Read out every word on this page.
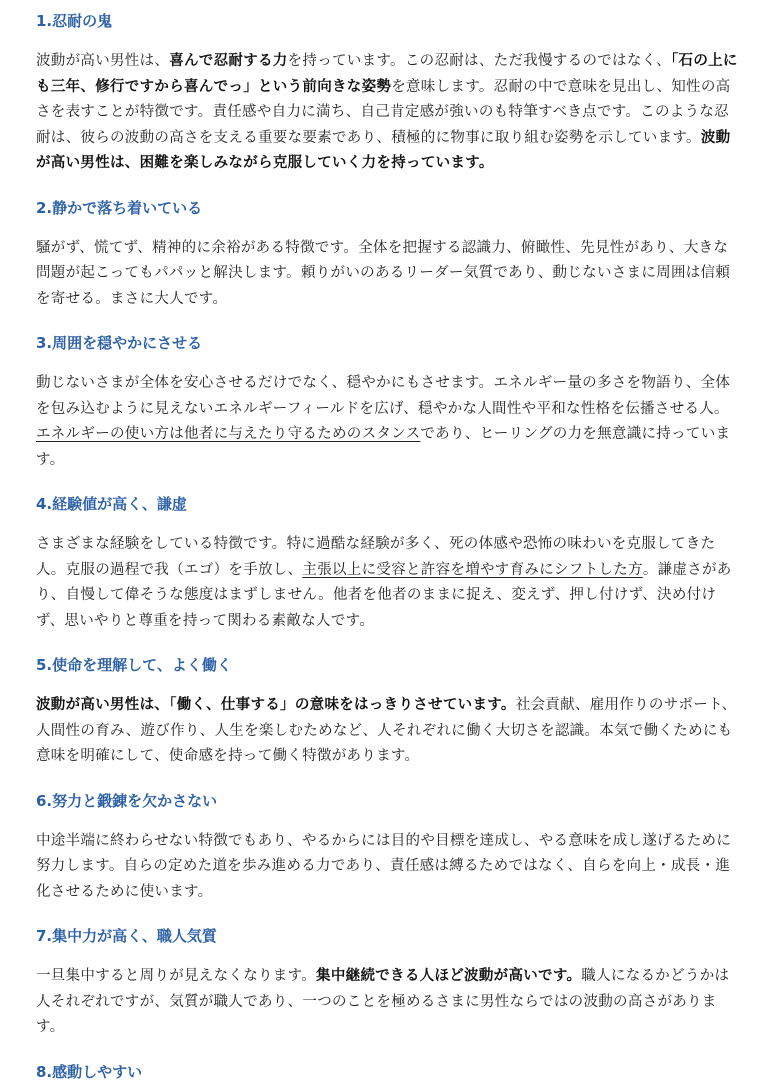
1.忍耐の鬼
波動が高い男性は、喜んで忍耐する力を持っています。この忍耐は、ただ我慢するのではなく、「石の上にも三年、修行ですから喜んでっ」という前向きな姿勢を意味します。忍耐の中で意味を見出し、知性の高さを表すことが特徴です。責任感や自力に満ち、自己肯定感が強いのも特筆すべき点です。このような忍耐は、彼らの波動の高さを支える重要な要素であり、積極的に物事に取り組む姿勢を示しています。波動が高い男性は、困難を楽しみながら克服していく力を持っています。
2.静かで落ち着いている
騒がず、慌てず、精神的に余裕がある特徴です。全体を把握する認識力、俯瞰性、先見性があり、大きな問題が起こってもパパッと解決します。頼りがいのあるリーダー気質であり、動じないさまに周囲は信頼を寄せる。まさに大人です。
3.周囲を穏やかにさせる
動じないさまが全体を安心させるだけでなく、穏やかにもさせます。エネルギー量の多さを物語り、全体を包み込むように見えないエネルギーフィールドを広げ、穏やかな人間性や平和な性格を伝播させる人。エネルギーの使い方は他者に与えたり守るためのスタンスであり、ヒーリングの力を無意識に持っています。
4.経験値が高く、謙虚
さまざまな経験をしている特徴です。特に過酷な経験が多く、死の体感や恐怖の味わいを克服してきた人。克服の過程で我（エゴ）を手放し、主張以上に受容と許容を増やす育みにシフトした方。謙虚さがあり、自慢して偉そうな態度はまずしません。他者を他者のままに捉え、変えず、押し付けず、決め付けず、思いやりと尊重を持って関わる素敵な人です。
5.使命を理解して、よく働く
波動が高い男性は、「働く、仕事する」の意味をはっきりさせています。社会貢献、雇用作りのサポート、人間性の育み、遊び作り、人生を楽しむためなど、人それぞれに働く大切さを認識。本気で働くためにも意味を明確にして、使命感を持って働く特徴があります。
6.努力と鍛錬を欠かさない
中途半端に終わらせない特徴でもあり、やるからには目的や目標を達成し、やる意味を成し遂げるために努力します。自らの定めた道を歩み進める力であり、責任感は縛るためではなく、自らを向上・成長・進化させるために使います。
7.集中力が高く、職人気質
一旦集中すると周りが見えなくなります。集中継続できる人ほど波動が高いです。職人になるかどうかは人それぞれですが、気質が職人であり、一つのことを極めるさまに男性ならではの波動の高さがあります。
8.感動しやすい
